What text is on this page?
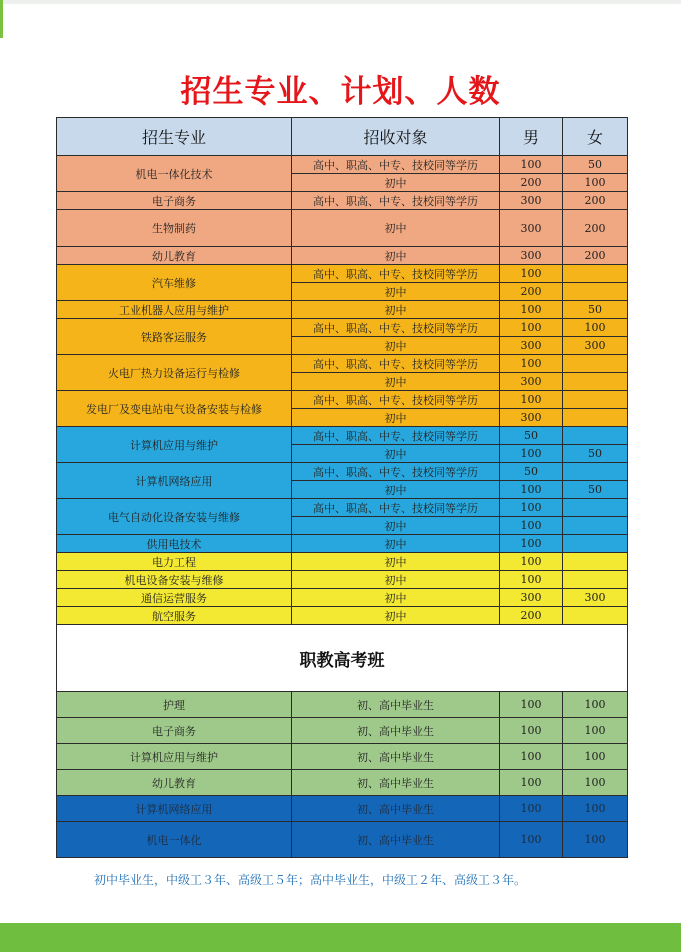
招生专业、计划、人数
招生专业	招收对象	男	女
机电一体化技术	高中、职高、中专、技校同等学历	100	50
	初中	200	100
电子商务	高中、职高、中专、技校同等学历	300	200
生物制药	初中	300	200
幼儿教育	初中	300	200
汽车维修	高中、职高、中专、技校同等学历	100	
	初中	200	
工业机器人应用与维护	初中	100	50
铁路客运服务	高中、职高、中专、技校同等学历	100	100
	初中	300	300
火电厂热力设备运行与检修	高中、职高、中专、技校同等学历	100	
	初中	300	
发电厂及变电站电气设备安装与检修	高中、职高、中专、技校同等学历	100	
	初中	300	
计算机应用与维护	高中、职高、中专、技校同等学历	50	
	初中	100	50
计算机网络应用	高中、职高、中专、技校同等学历	50	
	初中	100	50
电气自动化设备安装与维修	高中、职高、中专、技校同等学历	100	
	初中	100	
供用电技术	初中	100	
电力工程	初中	100	
机电设备安装与维修	初中	100	
通信运营服务	初中	300	300
航空服务	初中	200	
职教高考班			
护理	初、高中毕业生	100	100
电子商务	初、高中毕业生	100	100
计算机应用与维护	初、高中毕业生	100	100
幼儿教育	初、高中毕业生	100	100
计算机网络应用	初、高中毕业生	100	100
机电一体化	初、高中毕业生	100	100
初中毕业生，中级工３年、高级工５年；高中毕业生，中级工２年、高级工３年。
